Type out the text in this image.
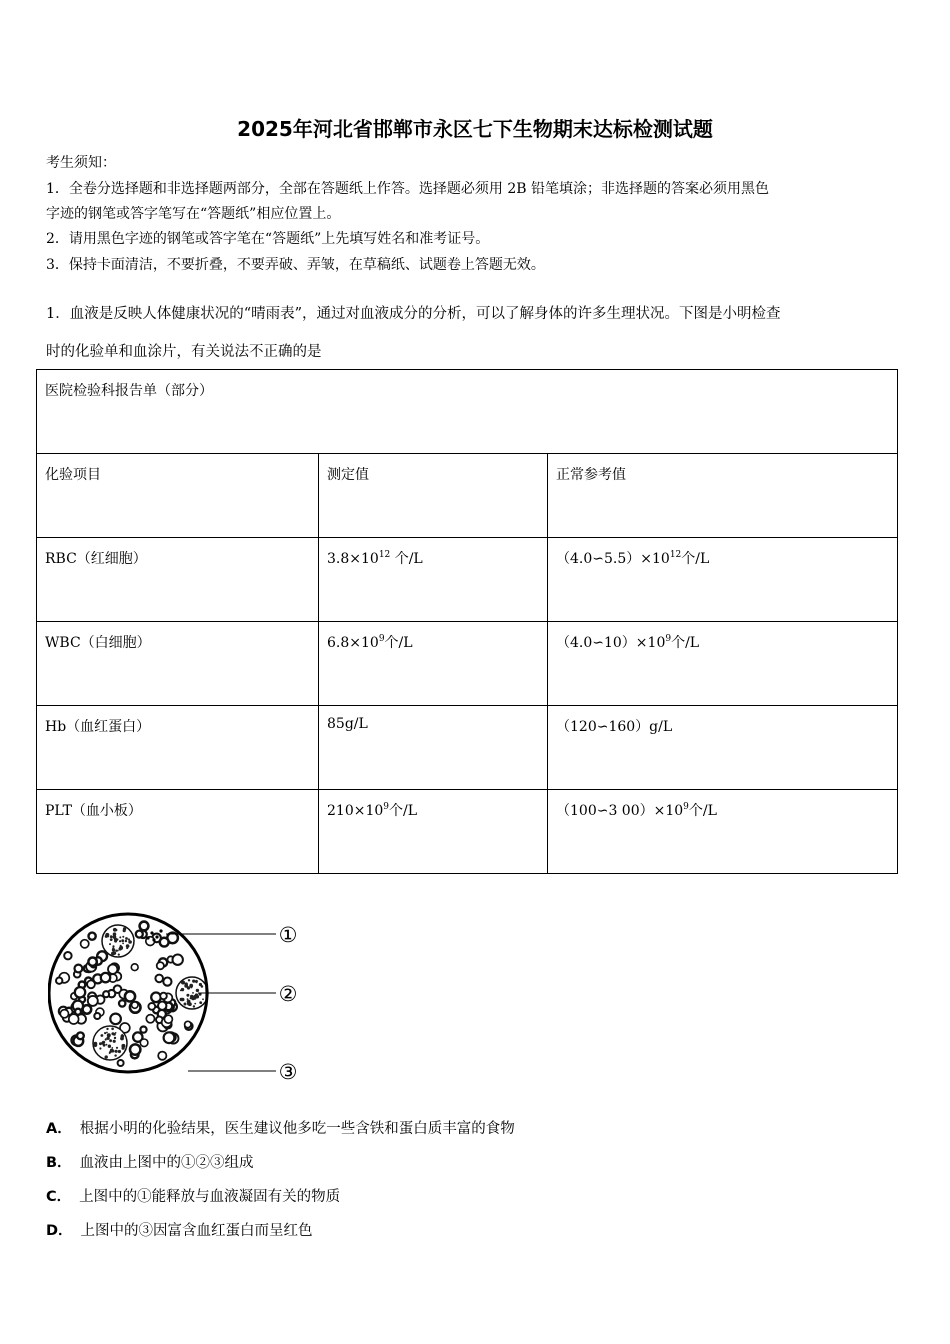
2025年河北省邯郸市永区七下生物期末达标检测试题
考生须知：
1．全卷分选择题和非选择题两部分，全部在答题纸上作答。选择题必须用 2B 铅笔填涂；非选择题的答案必须用黑色
字迹的钢笔或答字笔写在“答题纸”相应位置上。
2．请用黑色字迹的钢笔或答字笔在“答题纸”上先填写姓名和准考证号。
3．保持卡面清洁，不要折叠，不要弄破、弄皱，在草稿纸、试题卷上答题无效。
1．血液是反映人体健康状况的“晴雨表”，通过对血液成分的分析，可以了解身体的许多生理状况。下图是小明检查
时的化验单和血涂片，有关说法不正确的是
医院检验科报告单（部分）		
化验项目	测定值	正常参考值
RBC（红细胞）	$3.8\times 10^{12}$ 个/L	$(4.0∽5.5)\times 10^{12}$个/L
WBC（白细胞）	$6.8\times 10^9$个/L	$(4.0∽10)\times 10^9$个/L
Hb（血红蛋白）	85g/L	（120∽160）g/L
PLT（血小板）	$210\times 10^9$个/L	（100∽3 $00)\times 10^9$个/L
①
②
③
A． 根据小明的化验结果，医生建议他多吃一些含铁和蛋白质丰富的食物
B． 血液由上图中的①②③组成
C． 上图中的①能释放与血液凝固有关的物质
D． 上图中的③因富含血红蛋白而呈红色
